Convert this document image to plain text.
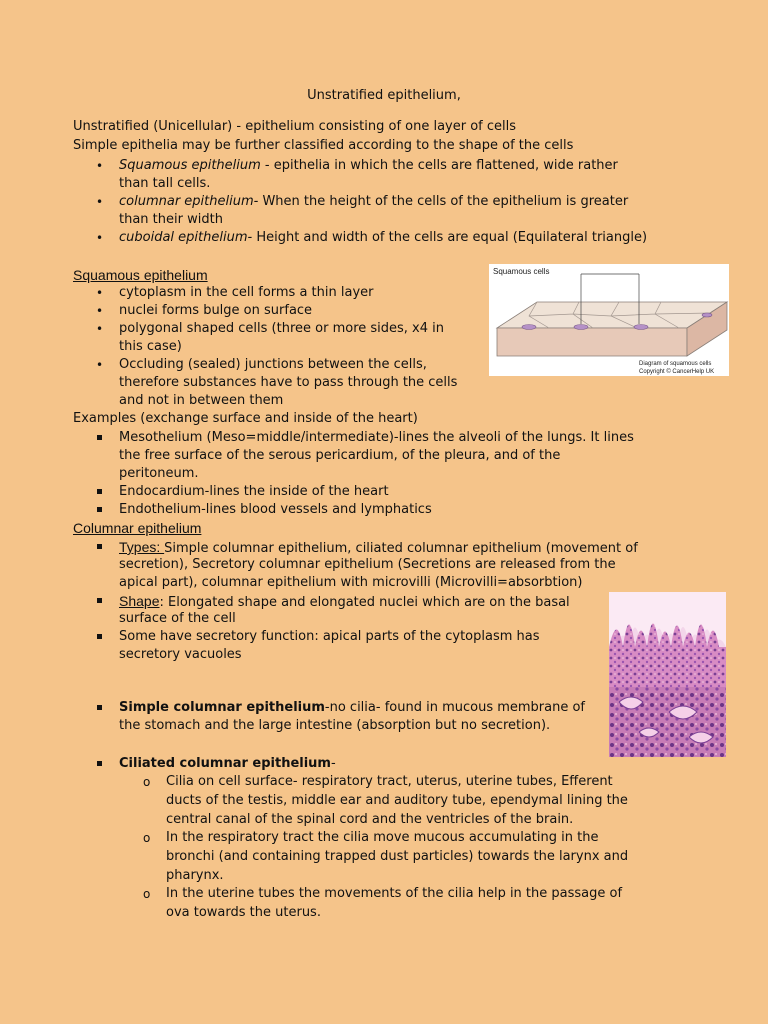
Unstratified epithelium,
Unstratified (Unicellular) - epithelium consisting of one layer of cells
Simple epithelia may be further classified according to the shape of the cells
• Squamous epithelium - epithelia in which the cells are flattened, wide rather
than tall cells.
• columnar epithelium- When the height of the cells of the epithelium is greater
than their width
• cuboidal epithelium- Height and width of the cells are equal (Equilateral triangle)
Squamous epithelium
• cytoplasm in the cell forms a thin layer
• nuclei forms bulge on surface
• polygonal shaped cells (three or more sides, x4 in
this case)
• Occluding (sealed) junctions between the cells,
therefore substances have to pass through the cells
and not in between them
Squamous cells
Diagram of squamous cells
Copyright © CancerHelp UK
Examples (exchange surface and inside of the heart)
Mesothelium (Meso=middle/intermediate)-lines the alveoli of the lungs. It lines
the free surface of the serous pericardium, of the pleura, and of the
peritoneum.
Endocardium-lines the inside of the heart
Endothelium-lines blood vessels and lymphatics
Columnar epithelium
Types: Simple columnar epithelium, ciliated columnar epithelium (movement of
secretion), Secretory columnar epithelium (Secretions are released from the
apical part), columnar epithelium with microvilli (Microvilli=absorbtion)
Shape: Elongated shape and elongated nuclei which are on the basal
surface of the cell
Some have secretory function: apical parts of the cytoplasm has
secretory vacuoles
Simple columnar epithelium-no cilia- found in mucous membrane of
the stomach and the large intestine (absorption but no secretion).
Ciliated columnar epithelium-
o Cilia on cell surface- respiratory tract, uterus, uterine tubes, Efferent
ducts of the testis, middle ear and auditory tube, ependymal lining the
central canal of the spinal cord and the ventricles of the brain.
o In the respiratory tract the cilia move mucous accumulating in the
bronchi (and containing trapped dust particles) towards the larynx and
pharynx.
o In the uterine tubes the movements of the cilia help in the passage of
ova towards the uterus.
